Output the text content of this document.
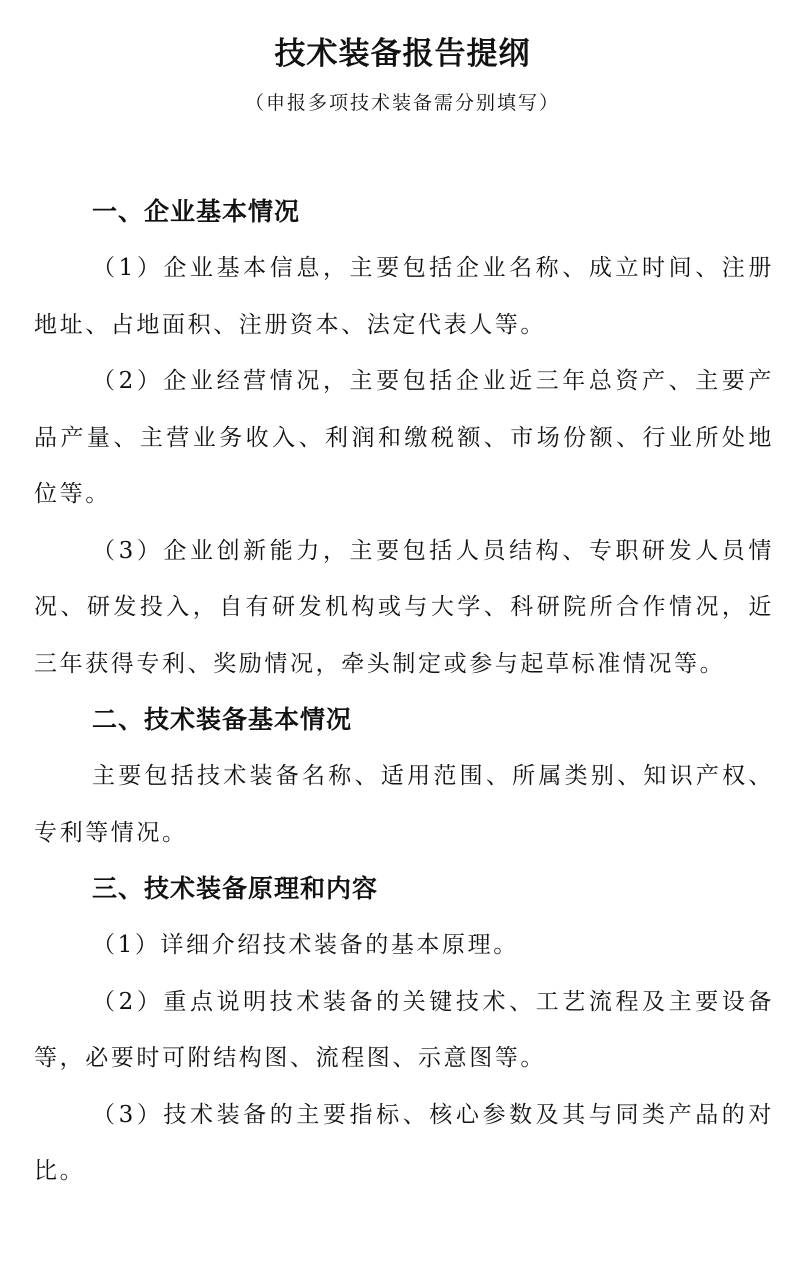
技术装备报告提纲

（申报多项技术装备需分别填写）

一、企业基本情况

（1）企业基本信息，主要包括企业名称、成立时间、注册地址、占地面积、注册资本、法定代表人等。

（2）企业经营情况，主要包括企业近三年总资产、主要产品产量、主营业务收入、利润和缴税额、市场份额、行业所处地位等。

（3）企业创新能力，主要包括人员结构、专职研发人员情况、研发投入，自有研发机构或与大学、科研院所合作情况，近三年获得专利、奖励情况，牵头制定或参与起草标准情况等。

二、技术装备基本情况

主要包括技术装备名称、适用范围、所属类别、知识产权、专利等情况。

三、技术装备原理和内容

（1）详细介绍技术装备的基本原理。

（2）重点说明技术装备的关键技术、工艺流程及主要设备等，必要时可附结构图、流程图、示意图等。

（3）技术装备的主要指标、核心参数及其与同类产品的对比。
